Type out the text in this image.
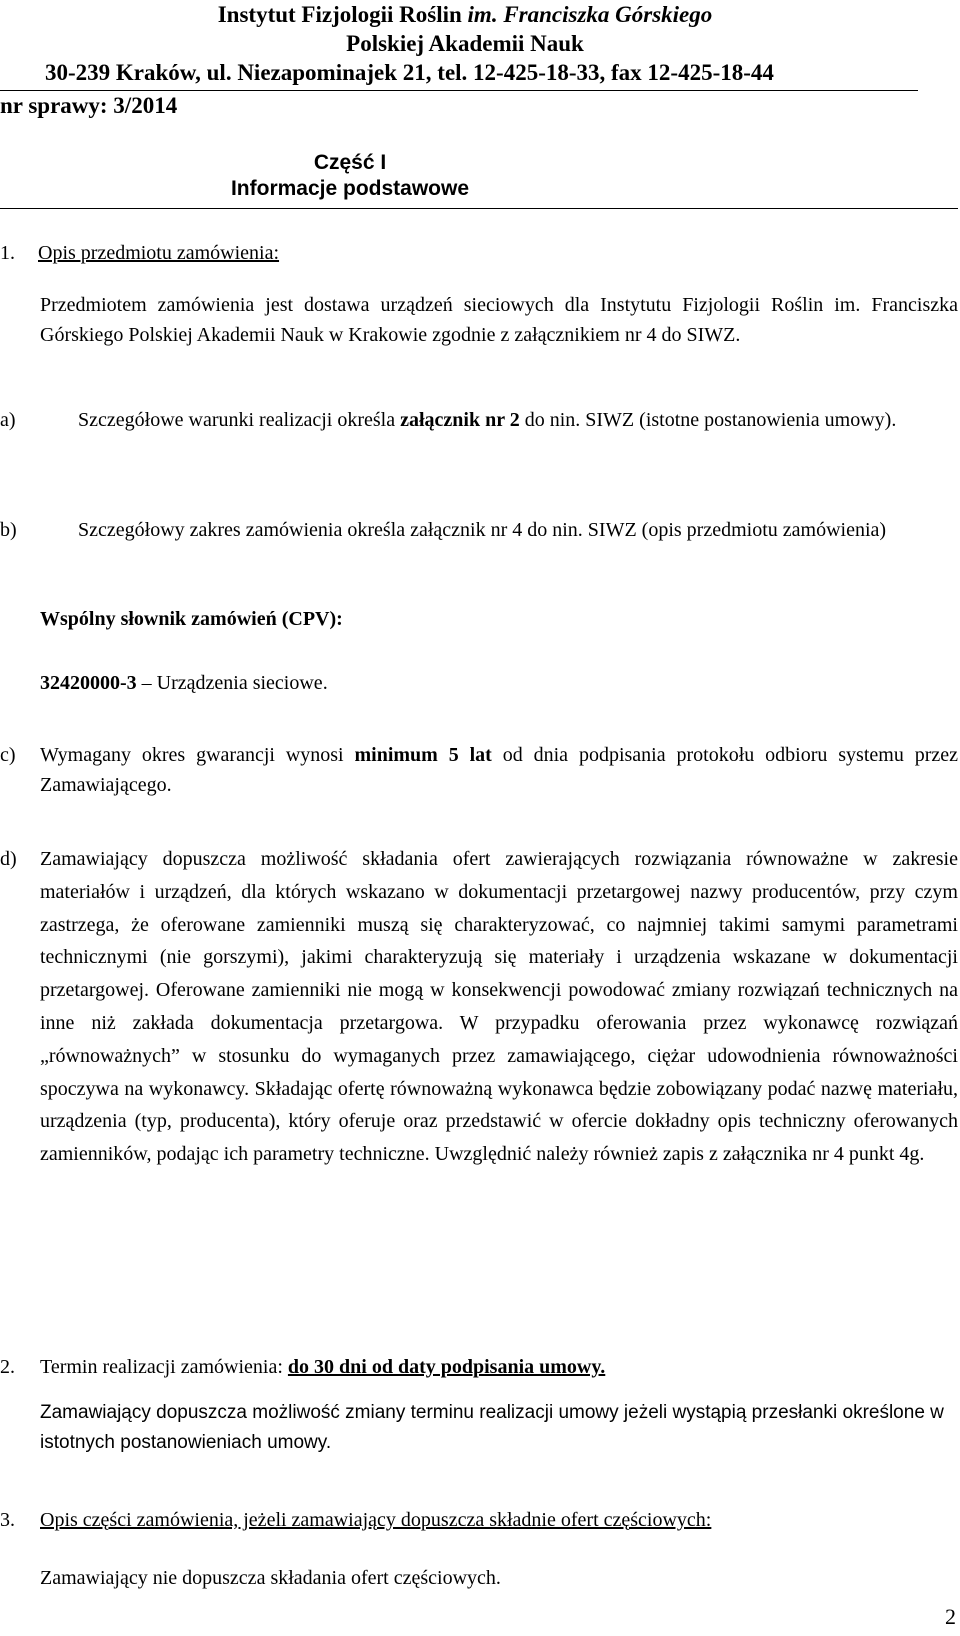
Instytut Fizjologii Roślin im. Franciszka Górskiego
Polskiej Akademii Nauk
30-239 Kraków, ul. Niezapominajek 21, tel. 12-425-18-33, fax 12-425-18-44
nr sprawy: 3/2014
Część I
Informacje podstawowe
1. Opis przedmiotu zamówienia:
Przedmiotem zamówienia jest dostawa urządzeń sieciowych dla Instytutu Fizjologii Roślin im. Franciszka Górskiego Polskiej Akademii Nauk w Krakowie zgodnie z załącznikiem nr 4 do SIWZ.
a)	Szczegółowe warunki realizacji określa załącznik nr 2 do nin. SIWZ (istotne postanowienia umowy).
b)	Szczegółowy zakres zamówienia określa załącznik nr 4 do nin. SIWZ (opis przedmiotu zamówienia)
Wspólny słownik zamówień (CPV):
32420000-3 – Urządzenia sieciowe.
c) Wymagany okres gwarancji wynosi minimum 5 lat od dnia podpisania protokołu odbioru systemu przez Zamawiającego.
d) Zamawiający dopuszcza możliwość składania ofert zawierających rozwiązania równoważne w zakresie materiałów i urządzeń, dla których wskazano w dokumentacji przetargowej nazwy producentów, przy czym zastrzega, że oferowane zamienniki muszą się charakteryzować, co najmniej takimi samymi parametrami technicznymi (nie gorszymi), jakimi charakteryzują się materiały i urządzenia wskazane w dokumentacji przetargowej. Oferowane zamienniki nie mogą w konsekwencji powodować zmiany rozwiązań technicznych na inne niż zakłada dokumentacja przetargowa. W przypadku oferowania przez wykonawcę rozwiązań „równoważnych” w stosunku do wymaganych przez zamawiającego, ciężar udowodnienia równoważności spoczywa na wykonawcy. Składając ofertę równoważną wykonawca będzie zobowiązany podać nazwę materiału, urządzenia (typ, producenta), który oferuje oraz przedstawić w ofercie dokładny opis techniczny oferowanych zamienników, podając ich parametry techniczne. Uwzględnić należy również zapis z załącznika nr 4 punkt 4g.
2. Termin realizacji zamówienia: do 30 dni od daty podpisania umowy.
Zamawiający dopuszcza możliwość zmiany terminu realizacji umowy jeżeli wystąpią przesłanki określone w istotnych postanowieniach umowy.
3. Opis części zamówienia, jeżeli zamawiający dopuszcza składnie ofert częściowych:
Zamawiający nie dopuszcza składania ofert częściowych.
2
